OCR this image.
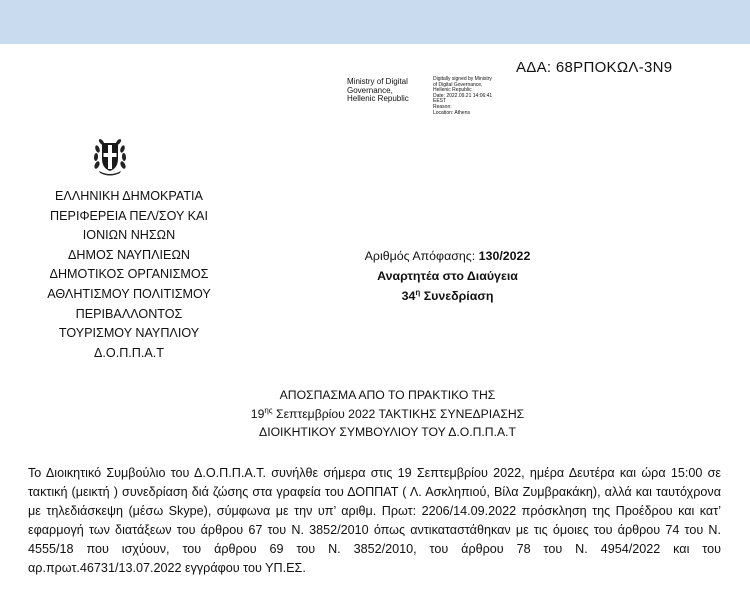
ΑΔΑ: 68ΡΠΟΚΩΛ-3Ν9
Ministry of Digital
Governance,
Hellenic Republic
Digitally signed by Ministry
of Digital Governance,
Hellenic Republic
Date: 2022.09.21 14:06:41
EEST
Reason:
Location: Athens
ΕΛΛΗΝΙΚΗ ΔΗΜΟΚΡΑΤΙΑ
ΠΕΡΙΦΕΡΕΙΑ ΠΕΛ/ΣΟΥ ΚΑΙ
ΙΟΝΙΩΝ ΝΗΣΩΝ
ΔΗΜΟΣ ΝΑΥΠΛΙΕΩΝ
ΔΗΜΟΤΙΚΟΣ ΟΡΓΑΝΙΣΜΟΣ
ΑΘΛΗΤΙΣΜΟΥ ΠΟΛΙΤΙΣΜΟΥ
ΠΕΡΙΒΑΛΛΟΝΤΟΣ
ΤΟΥΡΙΣΜΟΥ ΝΑΥΠΛΙΟΥ
Δ.Ο.Π.Π.Α.Τ
Αριθμός Απόφασης: 130/2022
Αναρτητέα στο Διαύγεια
$34^\eta$ Συνεδρίαση
ΑΠΟΣΠΑΣΜΑ ΑΠΟ ΤΟ ΠΡΑΚΤΙΚΟ ΤΗΣ
$19^{\eta\varsigma}$ Σεπτεμβρίου 2022 ΤΑΚΤΙΚΗΣ ΣΥΝΕΔΡΙΑΣΗΣ
ΔΙΟΙΚΗΤΙΚΟΥ ΣΥΜΒΟΥΛΙΟΥ ΤΟΥ Δ.Ο.Π.Π.Α.Τ
Το Διοικητικό Συμβούλιο του Δ.Ο.Π.Π.Α.Τ. συνήλθε σήμερα στις 19 Σεπτεμβρίου 2022, ημέρα Δευτέρα και ώρα 15:00 σε τακτική (μεικτή ) συνεδρίαση διά ζώσης στα γραφεία του ΔΟΠΠΑΤ ( Λ. Ασκληπιού, Βίλα Ζυμβρακάκη), αλλά και ταυτόχρονα με τηλεδιάσκεψη (μέσω Skype), σύμφωνα με την υπ’ αριθμ. Πρωτ: 2206/14.09.2022 πρόσκληση της Προέδρου και κατ’ εφαρμογή των διατάξεων του άρθρου 67 του Ν. 3852/2010 όπως αντικαταστάθηκαν με τις όμοιες του άρθρου 74 του Ν. 4555/18 που ισχύουν, του άρθρου 69 του Ν. 3852/2010, του άρθρου 78 του Ν. 4954/2022 και του αρ.πρωτ.46731/13.07.2022 εγγράφου του ΥΠ.ΕΣ.
